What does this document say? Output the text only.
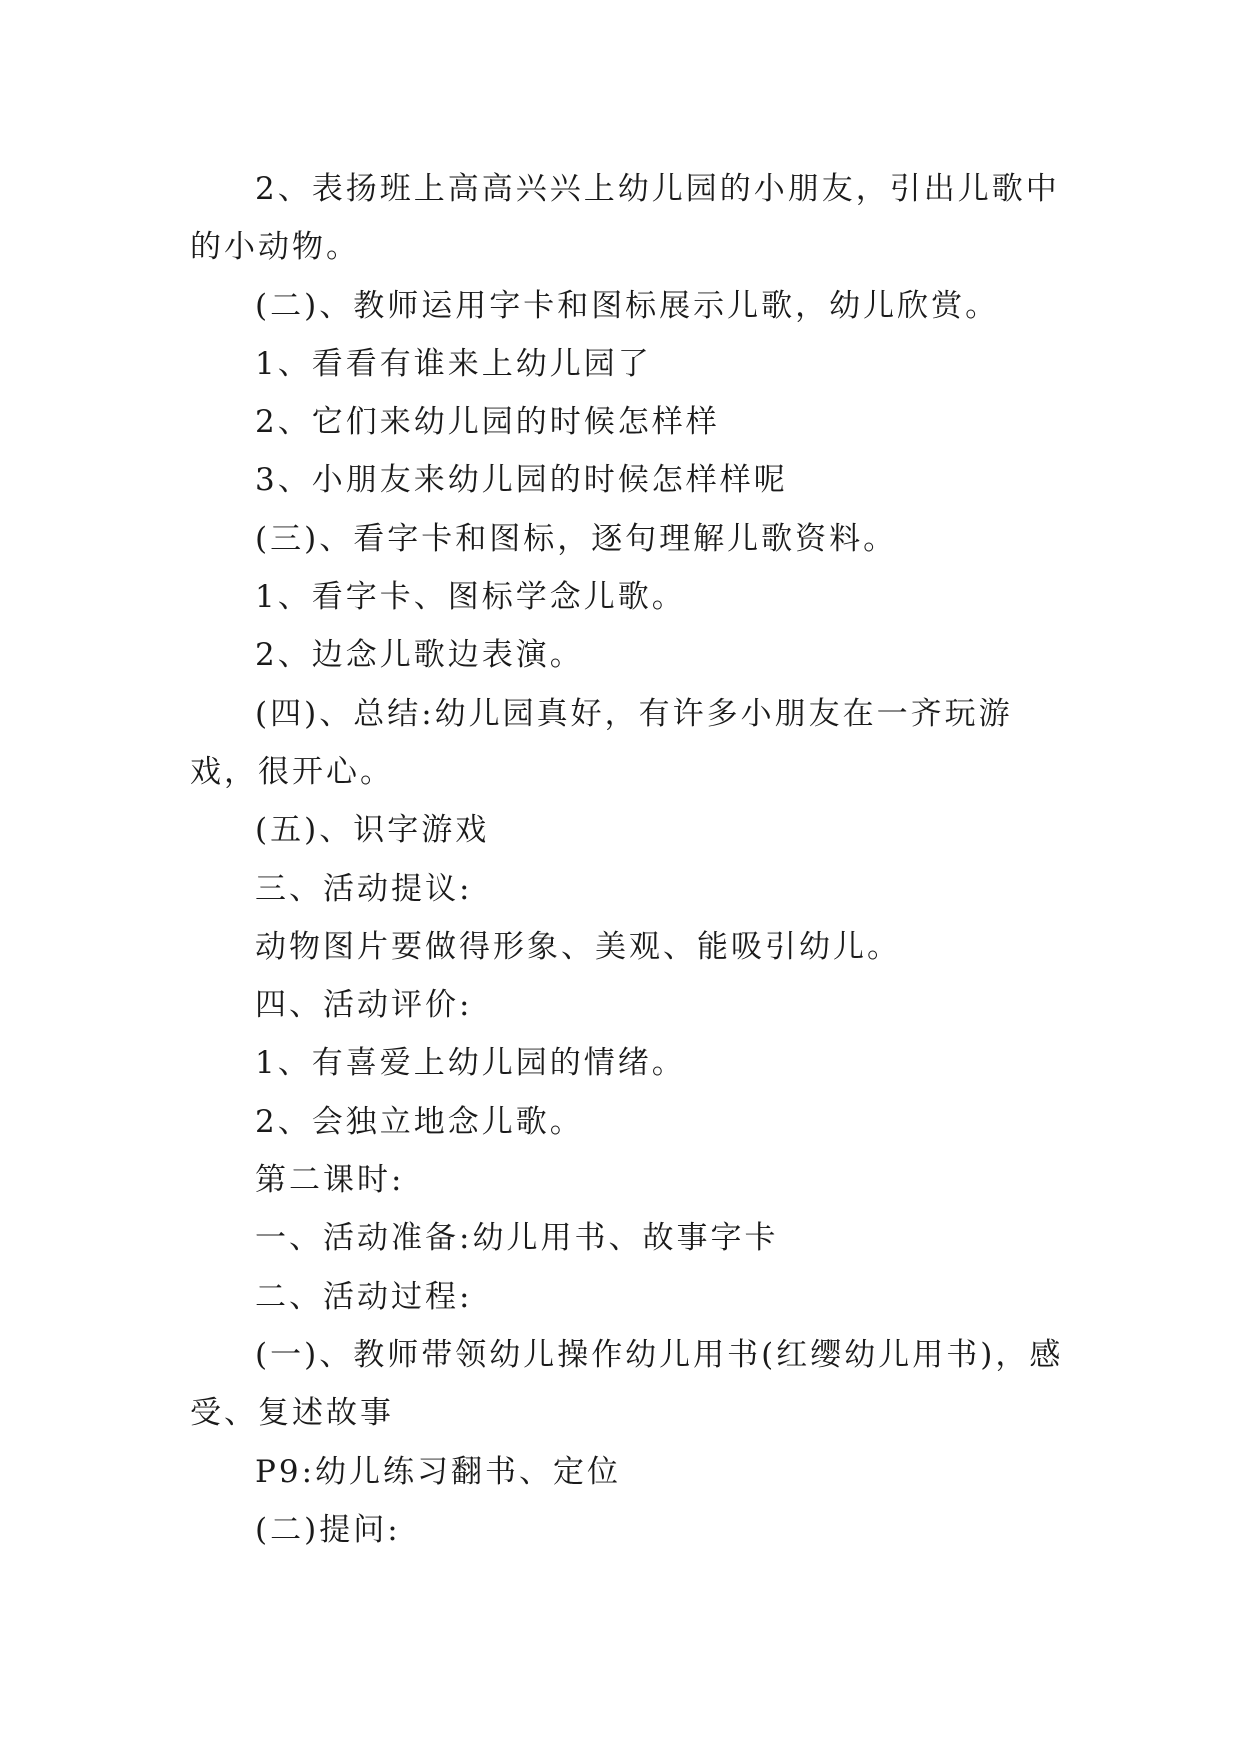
2、表扬班上高高兴兴上幼儿园的小朋友，引出儿歌中的小动物。

(二)、教师运用字卡和图标展示儿歌，幼儿欣赏。

1、看看有谁来上幼儿园了

2、它们来幼儿园的时候怎样样

3、小朋友来幼儿园的时候怎样样呢

(三)、看字卡和图标，逐句理解儿歌资料。

1、看字卡、图标学念儿歌。

2、边念儿歌边表演。

(四)、总结:幼儿园真好，有许多小朋友在一齐玩游戏，很开心。

(五)、识字游戏

三、活动提议:

动物图片要做得形象、美观、能吸引幼儿。

四、活动评价:

1、有喜爱上幼儿园的情绪。

2、会独立地念儿歌。

第二课时:

一、活动准备:幼儿用书、故事字卡

二、活动过程:

(一)、教师带领幼儿操作幼儿用书(红缨幼儿用书)，感受、复述故事

P9:幼儿练习翻书、定位

(二)提问:
